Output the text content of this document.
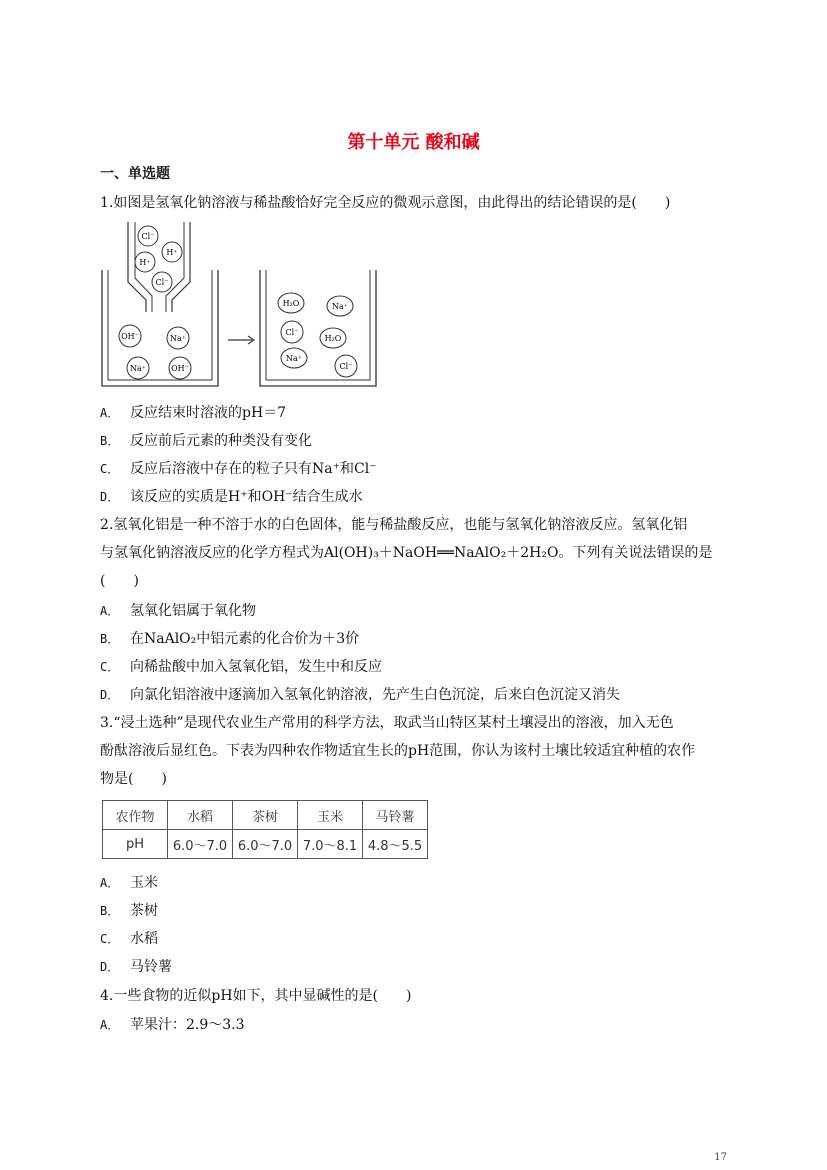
第十单元 酸和碱
一、单选题
1.如图是氢氧化钠溶液与稀盐酸恰好完全反应的微观示意图，由此得出的结论错误的是(　　)
Cl⁻
H⁺
H⁺
Cl⁻
OH⁻	Na⁺
Na⁺	OH⁻
H₂O	Na⁺
Cl⁻
H₂O
Na⁺
Cl⁻
A． 反应结束时溶液的pH＝7
B． 反应前后元素的种类没有变化
C． 反应后溶液中存在的粒子只有Na⁺和Cl⁻
D． 该反应的实质是H⁺和OH⁻结合生成水
2.氢氧化铝是一种不溶于水的白色固体，能与稀盐酸反应，也能与氢氧化钠溶液反应。氢氧化铝
与氢氧化钠溶液反应的化学方程式为Al(OH)₃＋NaOH══NaAlO₂＋2H₂O。下列有关说法错误的是
(　　)
A． 氢氧化铝属于氧化物
B． 在NaAlO₂中铝元素的化合价为＋3价
C． 向稀盐酸中加入氢氧化铝，发生中和反应
D． 向氯化铝溶液中逐滴加入氢氧化钠溶液，先产生白色沉淀，后来白色沉淀又消失
3.“浸土选种”是现代农业生产常用的科学方法，取武当山特区某村土壤浸出的溶液，加入无色
酚酞溶液后显红色。下表为四种农作物适宜生长的pH范围，你认为该村土壤比较适宜种植的农作
物是(　　)
农作物	水稻	茶树	玉米	马铃薯
pH	6.0～7.0	6.0～7.0	7.0～8.1	4.8～5.5
A． 玉米
B． 茶树
C． 水稻
D． 马铃薯
4.一些食物的近似pH如下，其中显碱性的是(　　)
A． 苹果汁：2.9～3.3
17
